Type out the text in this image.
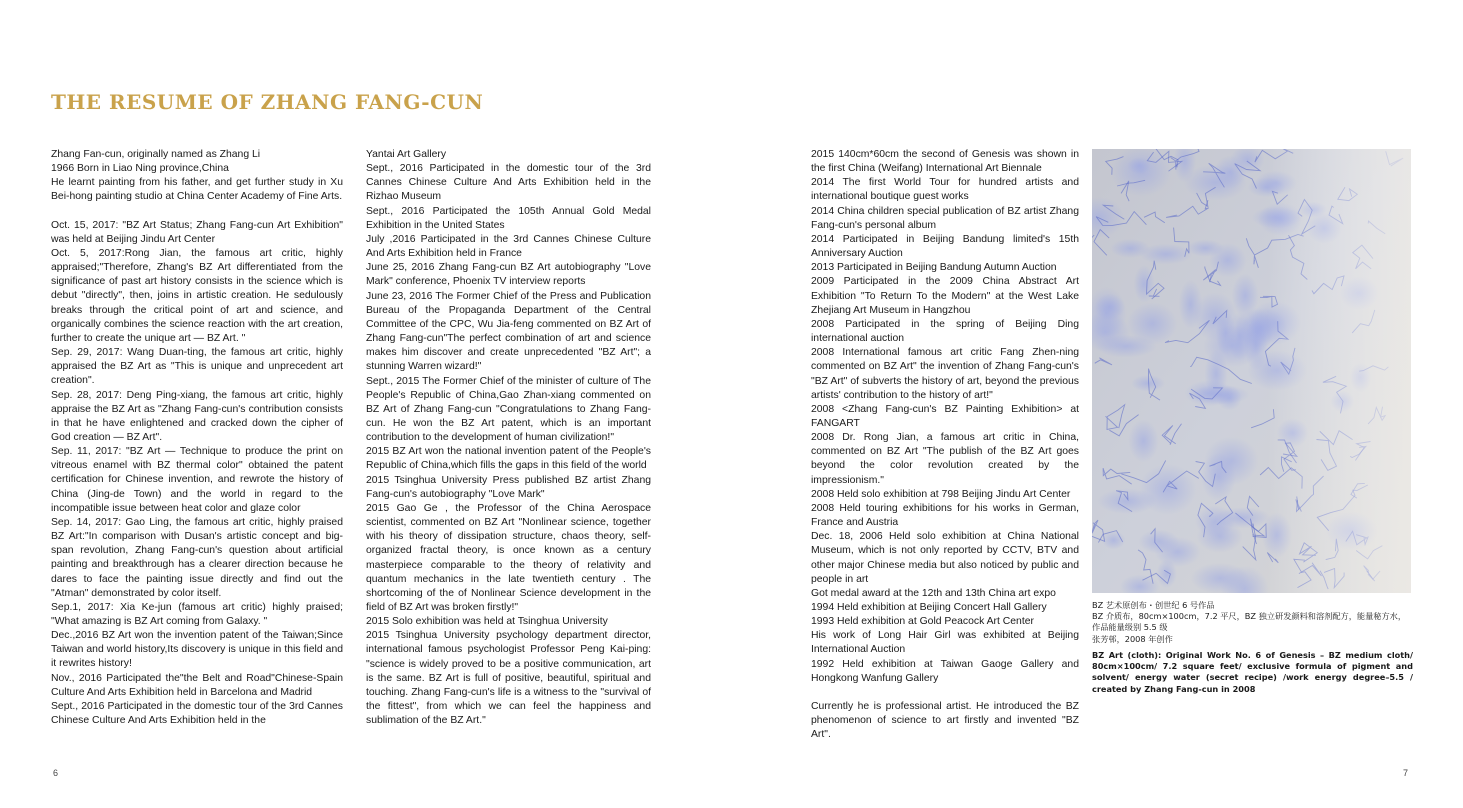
THE RESUME OF ZHANG FANG-CUN

Zhang Fan-cun, originally named as Zhang Li

1966 Born in Liao Ning province,China

He learnt painting from his father, and get further study in Xu Bei-hong painting studio at China Center Academy of Fine Arts.

Oct. 15, 2017: "BZ Art Status; Zhang Fang-cun Art Exhibition" was held at Beijing Jindu Art Center

Oct. 5, 2017:Rong Jian, the famous art critic, highly appraised;"Therefore, Zhang's BZ Art differentiated from the significance of past art history consists in the science which is debut "directly", then, joins in artistic creation. He sedulously breaks through the critical point of art and science, and organically combines the science reaction with the art creation, further to create the unique art — BZ Art. "

Sep. 29, 2017: Wang Duan-ting, the famous art critic, highly appraised the BZ Art as "This is unique and unprecedent art creation".

Sep. 28, 2017: Deng Ping-xiang, the famous art critic, highly appraise the BZ Art as "Zhang Fang-cun's contribution consists in that he have enlightened and cracked down the cipher of God creation — BZ Art".

Sep. 11, 2017: "BZ Art — Technique to produce the print on vitreous enamel with BZ thermal color" obtained the patent certification for Chinese invention, and rewrote the history of China (Jing-de Town) and the world in regard to the incompatible issue between heat color and glaze color

Sep. 14, 2017: Gao Ling, the famous art critic, highly praised BZ Art:"In comparison with Dusan's artistic concept and big-span revolution, Zhang Fang-cun's question about artificial painting and breakthrough has a clearer direction because he dares to face the painting issue directly and find out the "Atman" demonstrated by color itself.

Sep.1, 2017: Xia Ke-jun (famous art critic) highly praised; "What amazing is BZ Art coming from Galaxy. "

Dec.,2016 BZ Art won the invention patent of the Taiwan;Since Taiwan and world history,Its discovery is unique in this field and it rewrites history!

Nov., 2016 Participated the"the Belt and Road"Chinese-Spain Culture And Arts Exhibition held in Barcelona and Madrid

Sept., 2016 Participated in the domestic tour of the 3rd Cannes Chinese Culture And Arts Exhibition held in the

Yantai Art Gallery

Sept., 2016 Participated in the domestic tour of the 3rd Cannes Chinese Culture And Arts Exhibition held in the Rizhao Museum

Sept., 2016 Participated the 105th Annual Gold Medal Exhibition in the United States

July ,2016 Participated in the 3rd Cannes Chinese Culture And Arts Exhibition held in France

June 25, 2016 Zhang Fang-cun BZ Art autobiography "Love Mark" conference, Phoenix TV interview reports

June 23, 2016 The Former Chief of the Press and Publication Bureau of the Propaganda Department of the Central Committee of the CPC, Wu Jia-feng commented on BZ Art of Zhang Fang-cun"The perfect combination of art and science makes him discover and create unprecedented "BZ Art"; a stunning Warren wizard!"

Sept., 2015 The Former Chief of the minister of culture of The People's Republic of China,Gao Zhan-xiang commented on BZ Art of Zhang Fang-cun "Congratulations to Zhang Fang-cun. He won the BZ Art patent, which is an important contribution to the development of human civilization!"

2015 BZ Art won the national invention patent of the People's Republic of China,which fills the gaps in this field of the world

2015 Tsinghua University Press published BZ artist Zhang Fang-cun's autobiography "Love Mark"

2015 Gao Ge , the Professor of the China Aerospace scientist, commented on BZ Art "Nonlinear science, together with his theory of dissipation structure, chaos theory, self-organized fractal theory, is once known as a century masterpiece comparable to the theory of relativity and quantum mechanics in the late twentieth century . The shortcoming of the of Nonlinear Science development in the field of BZ Art was broken firstly!"

2015 Solo exhibition was held at Tsinghua University

2015 Tsinghua University psychology department director, international famous psychologist Professor Peng Kai-ping: "science is widely proved to be a positive communication, art is the same. BZ Art is full of positive, beautiful, spiritual and touching. Zhang Fang-cun's life is a witness to the "survival of the fittest", from which we can feel the happiness and sublimation of the BZ Art."

2015 140cm*60cm the second of Genesis was shown in the first China (Weifang) International Art Biennale

2014 The first World Tour for hundred artists and international boutique guest works

2014 China children special publication of BZ artist Zhang Fang-cun's personal album

2014 Participated in Beijing Bandung limited's 15th Anniversary Auction

2013 Participated in Beijing Bandung Autumn Auction

2009 Participated in the 2009 China Abstract Art Exhibition "To Return To the Modern" at the West Lake Zhejiang Art Museum in Hangzhou

2008 Participated in the spring of Beijing Ding international auction

2008 International famous art critic Fang Zhen-ning commented on BZ Art" the invention of Zhang Fang-cun's "BZ Art" of subverts the history of art, beyond the previous artists' contribution to the history of art!"

2008 <Zhang Fang-cun's BZ Painting Exhibition> at FANGART

2008 Dr. Rong Jian, a famous art critic in China, commented on BZ Art "The publish of the BZ Art goes beyond the color revolution created by the impressionism."

2008 Held solo exhibition at 798 Beijing Jindu Art Center

2008 Held touring exhibitions for his works in German, France and Austria

Dec. 18, 2006 Held solo exhibition at China National Museum, which is not only reported by CCTV, BTV and other major Chinese media but also noticed by public and people in art

Got medal award at the 12th and 13th China art expo

1994 Held exhibition at Beijing Concert Hall Gallery

1993 Held exhibition at Gold Peacock Art Center

His work of Long Hair Girl was exhibited at Beijing International Auction

1992 Held exhibition at Taiwan Gaoge Gallery and Hongkong Wanfung Gallery

Currently he is professional artist. He introduced the BZ phenomenon of science to art firstly and invented "BZ Art".

BZ 艺术原创布・创世纪 6 号作品

BZ 介质布，80cm×100cm，7.2 平尺，BZ 独立研发颜料和溶剂配方，能量秘方水，作品能量级别 5.5 级

张芳邨，2008 年创作

BZ Art (cloth): Original Work No. 6 of Genesis – BZ medium cloth/ 80cm×100cm/ 7.2 square feet/ exclusive formula of pigment and solvent/ energy water (secret recipe) /work energy degree–5.5 / created by Zhang Fang-cun in 2008
6	7
